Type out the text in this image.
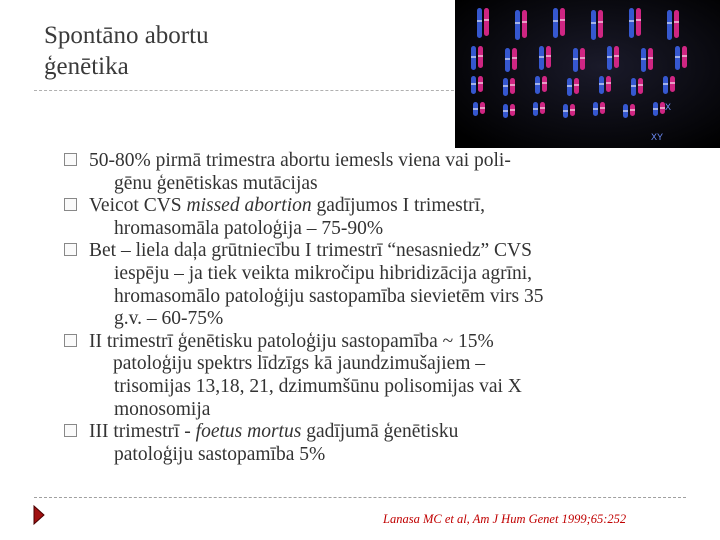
Spontāno abortu
ģenētika
X
XY
50-80% pirmā trimestra abortu iemesls viena vai poli-
gēnu ģenētiskas mutācijas
Veicot CVS missed abortion gadījumos I trimestrī,
hromasomāla patoloģija – 75-90%
Bet – liela daļa grūtniecību I trimestrī “nesasniedz” CVS
iespēju – ja tiek veikta mikročipu hibridizācija agrīni,
hromasomālo patoloģiju sastopamība sievietēm virs 35
g.v. – 60-75%
II trimestrī ģenētisku patoloģiju sastopamība ~ 15%
patoloģiju spektrs līdzīgs kā jaundzimušajiem –
trisomijas 13,18, 21, dzimumšūnu polisomijas vai X
monosomija
III trimestrī - foetus mortus gadījumā ģenētisku
patoloģiju sastopamība 5%
Lanasa MC et al, Am J Hum Genet 1999;65:252
